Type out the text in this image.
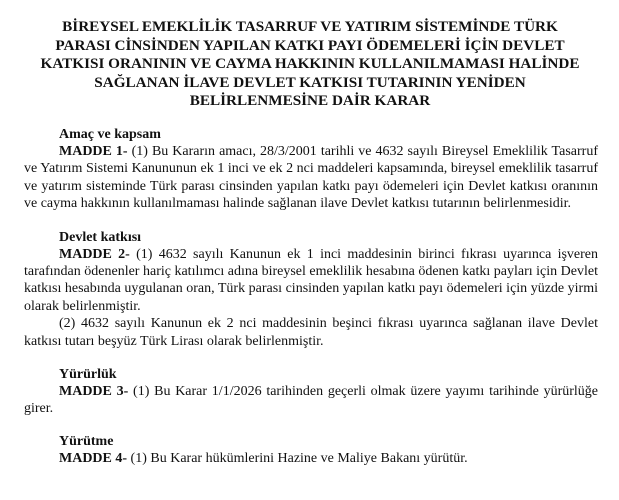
BİREYSEL EMEKLİLİK TASARRUF VE YATIRIM SİSTEMİNDE TÜRK
PARASI CİNSİNDEN YAPILAN KATKI PAYI ÖDEMELERİ İÇİN DEVLET
KATKISI ORANININ VE CAYMA HAKKININ KULLANILMAMASI HALİNDE
SAĞLANAN İLAVE DEVLET KATKISI TUTARININ YENİDEN
BELİRLENMESİNE DAİR KARAR
Amaç ve kapsam

MADDE 1- (1) Bu Kararın amacı, 28/3/2001 tarihli ve 4632 sayılı Bireysel Emeklilik Tasarruf ve Yatırım Sistemi Kanununun ek 1 inci ve ek 2 nci maddeleri kapsamında, bireysel emeklilik tasarruf ve yatırım sisteminde Türk parası cinsinden yapılan katkı payı ödemeleri için Devlet katkısı oranının ve cayma hakkının kullanılmaması halinde sağlanan ilave Devlet katkısı tutarının belirlenmesidir.

Devlet katkısı

MADDE 2- (1) 4632 sayılı Kanunun ek 1 inci maddesinin birinci fıkrası uyarınca işveren tarafından ödenenler hariç katılımcı adına bireysel emeklilik hesabına ödenen katkı payları için Devlet katkısı hesabında uygulanan oran, Türk parası cinsinden yapılan katkı payı ödemeleri için yüzde yirmi olarak belirlenmiştir.

(2) 4632 sayılı Kanunun ek 2 nci maddesinin beşinci fıkrası uyarınca sağlanan ilave Devlet katkısı tutarı beşyüz Türk Lirası olarak belirlenmiştir.

Yürürlük

MADDE 3- (1) Bu Karar 1/1/2026 tarihinden geçerli olmak üzere yayımı tarihinde yürürlüğe girer.

Yürütme

MADDE 4- (1) Bu Karar hükümlerini Hazine ve Maliye Bakanı yürütür.
